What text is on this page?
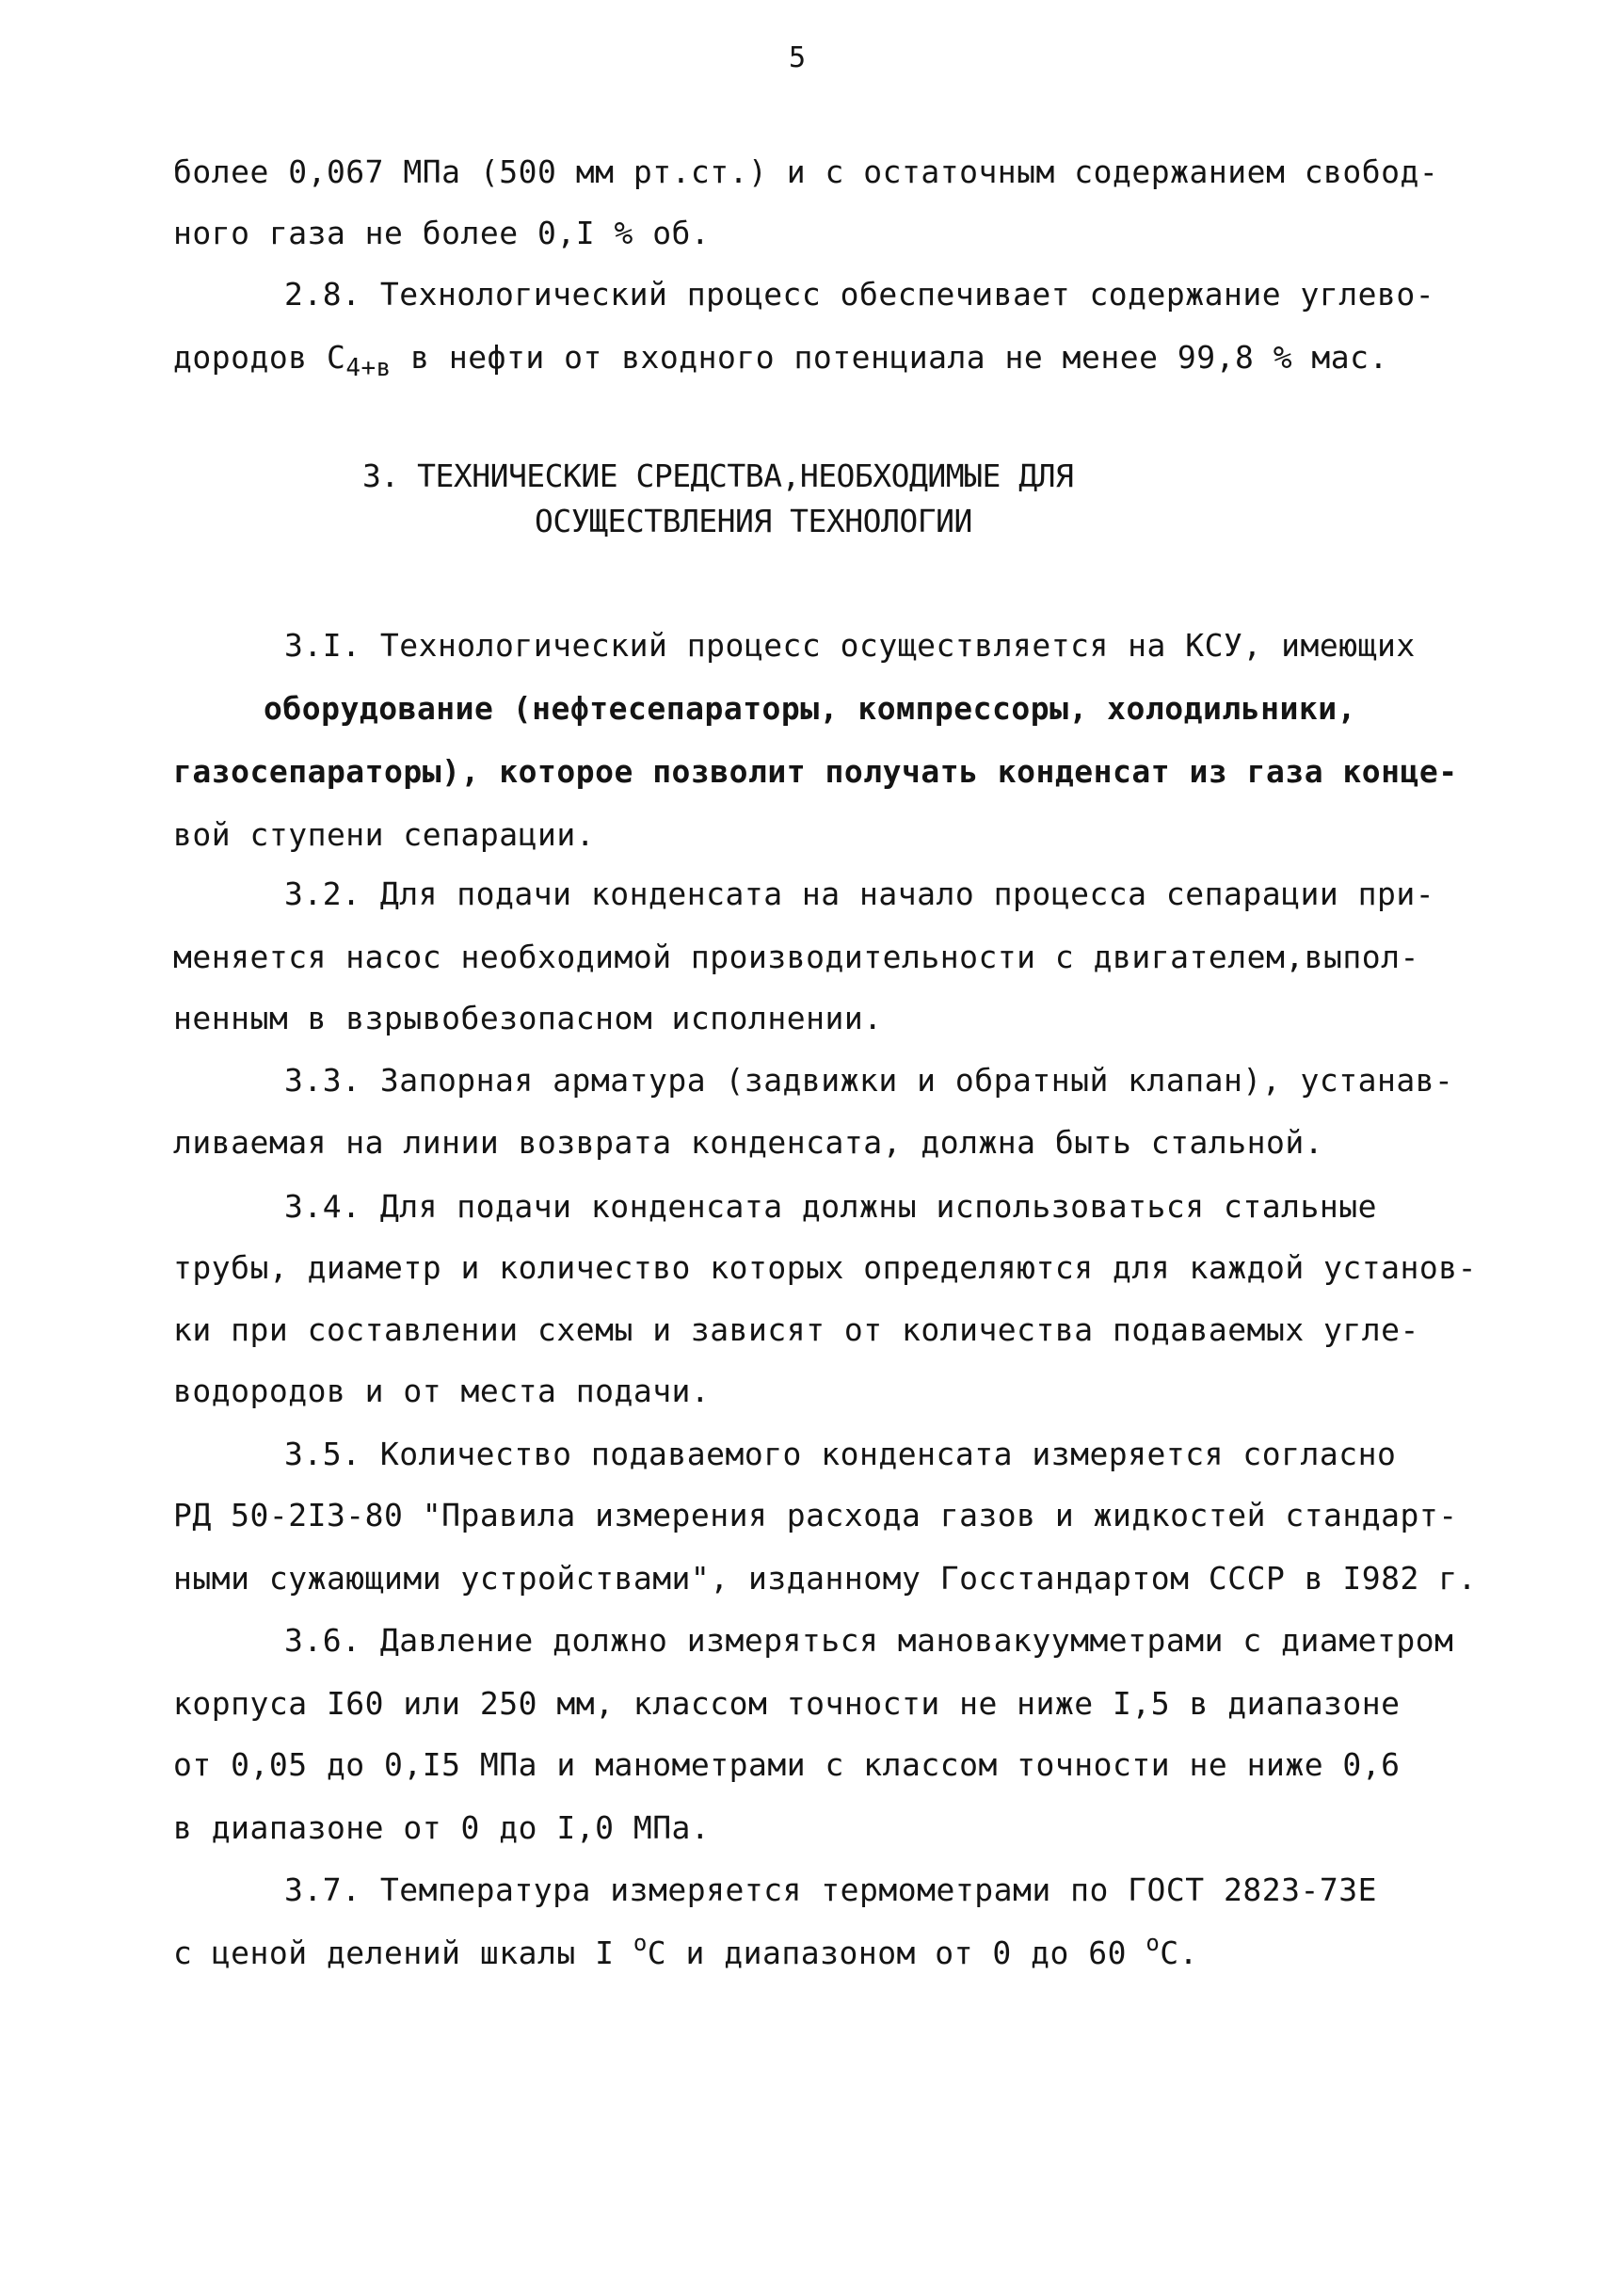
5
более 0,067 МПа (500 мм рт.ст.) и с остаточным содержанием свобод-
ного газа не более 0,I % об.
2.8. Технологический процесс обеспечивает содержание углево-
дородов $С_{4+в}$ в нефти от входного потенциала не менее 99,8 % мас.
3. ТЕХНИЧЕСКИЕ СРЕДСТВА,НЕОБХОДИМЫЕ ДЛЯ
ОСУЩЕСТВЛЕНИЯ ТЕХНОЛОГИИ
3.I. Технологический процесс осуществляется на КСУ, имеющих
оборудование (нефтесепараторы, компрессоры, холодильники,
газосепараторы), которое позволит получать конденсат из газа конце-
вой ступени сепарации.
3.2. Для подачи конденсата на начало процесса сепарации при-
меняется насос необходимой производительности с двигателем,выпол-
ненным в взрывобезопасном исполнении.
3.3. Запорная арматура (задвижки и обратный клапан), устанав-
ливаемая на линии возврата конденсата, должна быть стальной.
3.4. Для подачи конденсата должны использоваться стальные
трубы, диаметр и количество которых определяются для каждой установ-
ки при составлении схемы и зависят от количества подаваемых угле-
водородов и от места подачи.
3.5. Количество подаваемого конденсата измеряется согласно
РД 50-2I3-80 "Правила измерения расхода газов и жидкостей стандарт-
ными сужающими устройствами", изданному Госстандартом СССР в I982 г.
3.6. Давление должно измеряться мановакуумметрами с диаметром
корпуса I60 или 250 мм, классом точности не ниже I,5 в диапазоне
от 0,05 до 0,I5 МПа и манометрами с классом точности не ниже 0,6
в диапазоне от 0 до I,0 МПа.
3.7. Температура измеряется термометрами по ГОСТ 2823-73Е
с ценой делений шкалы I $^о$С и диапазоном от 0 до 60 $^о$С.
